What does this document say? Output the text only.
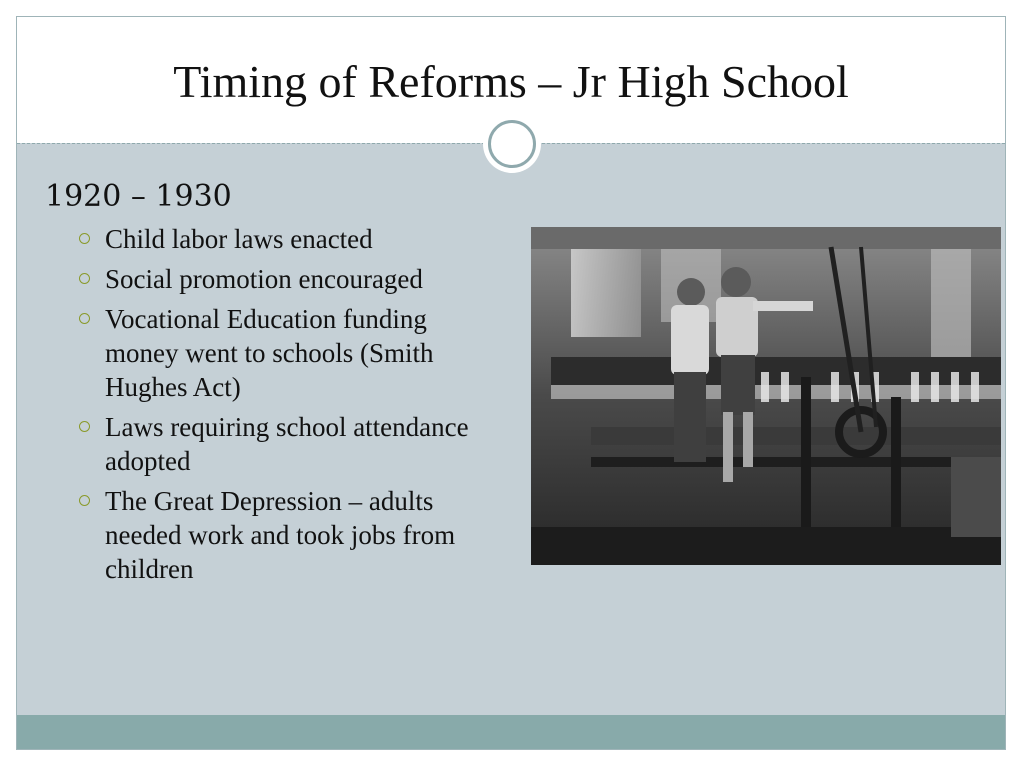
Timing of Reforms – Jr High School
1920 – 1930
Child labor laws enacted
Social promotion encouraged
Vocational Education funding money went to schools (Smith Hughes Act)
Laws requiring school attendance adopted
The Great Depression – adults needed work and took jobs from children
